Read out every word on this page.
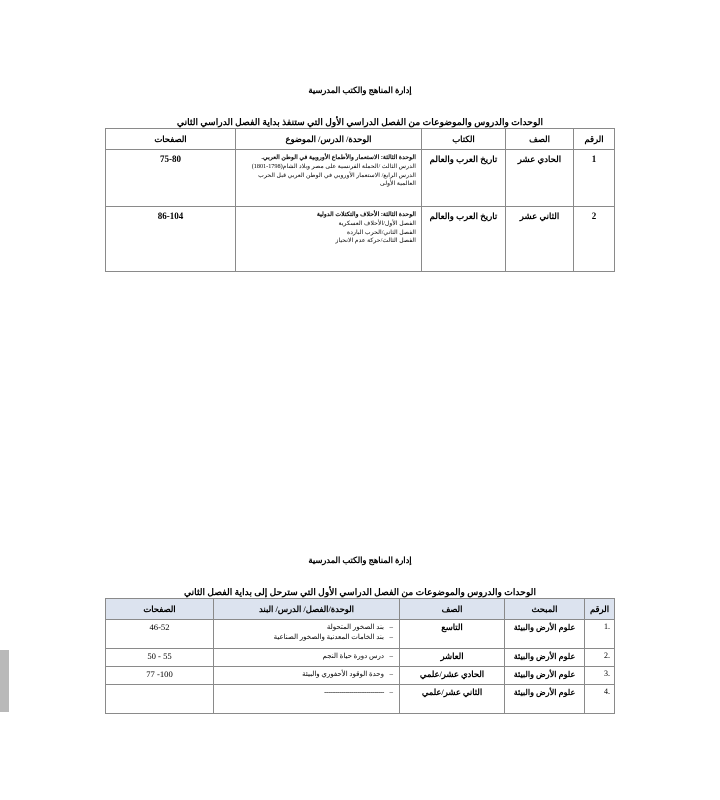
إدارة المناهج والكتب المدرسية
الوحدات والدروس والموضوعات من الفصل الدراسي الأول التي ستنفذ بداية الفصل الدراسي الثاني
الرقم	الصف	الكتاب	الوحدة/ الدرس/ الموضوع	الصفحات
1	الحادي عشر	تاريخ العرب والعالم	الوحدة الثالثة: الاستعمار والأطماع الأوروبية في الوطن العربي.
الدرس الثالث /الحملة الفرنسية على مصر وبلاد الشام(1798-1801)
الدرس الرابع/ الاستعمار الأوروبي في الوطن العربي قبل الحرب العالمية الأولى	75-80
2	الثاني عشر	تاريخ العرب والعالم	الوحدة الثالثة: الأحلاف والتكتلات الدولية
الفصل الأول/الأحلاف العسكرية
الفصل الثاني/الحرب الباردة
الفصل الثالث/حركة عدم الانحياز	86-104
إدارة المناهج والكتب المدرسية
الوحدات والدروس والموضوعات من الفصل الدراسي الأول التي سترحل إلى بداية الفصل الثاني
الرقم	المبحث	الصف	الوحدة/الفصل/ الدرس/ البند	الصفحات
1.	علوم الأرض والبيئة	التاسع	–بند الصخور المتحولة
–بند الخامات المعدنية والصخور الصناعية	46-52
2.	علوم الأرض والبيئة	العاشر	–درس دورة حياة النجم	50 - 55
3.	علوم الأرض والبيئة	الحادي عشر/علمي	–وحدة الوقود الأحفوري والبيئة	77 -100
4.	علوم الأرض والبيئة	الثاني عشر/علمي	–-------------------------------	
